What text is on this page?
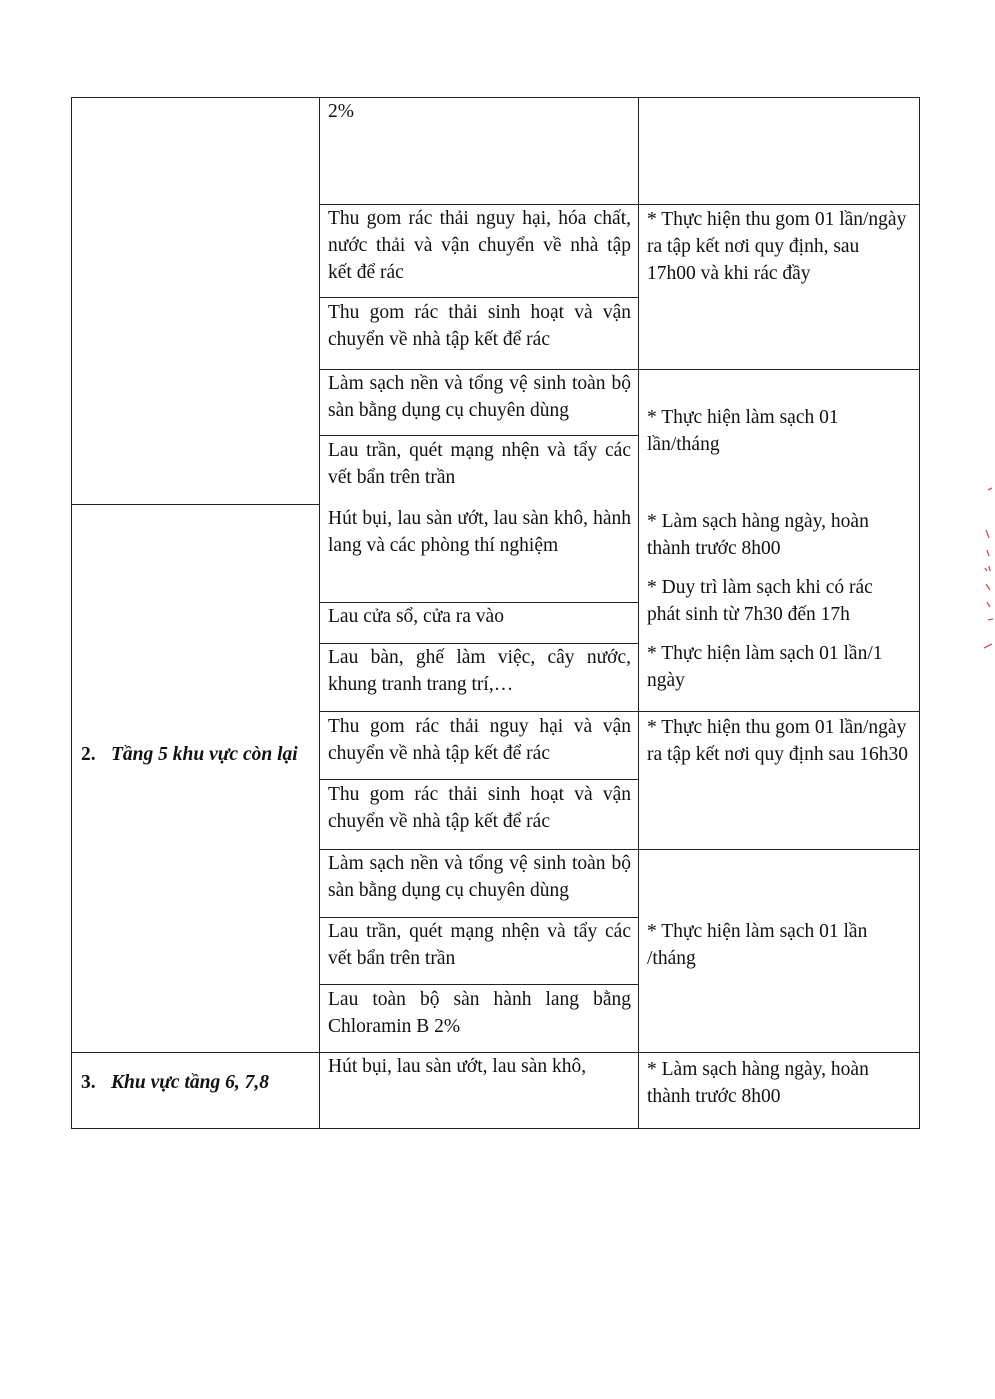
2%
Thu gom rác thải nguy hại, hóa chất, nước thải và vận chuyển về nhà tập kết để rác
Thu gom rác thải sinh hoạt và vận chuyển về nhà tập kết để rác

* Thực hiện thu gom 01 lần/ngày ra tập kết nơi quy định, sau 17h00 và khi rác đầy

Làm sạch nền và tổng vệ sinh toàn bộ sàn bằng dụng cụ chuyên dùng
Lau trần, quét mạng nhện và tẩy các vết bẩn trên trần

* Thực hiện làm sạch 01 lần/tháng

2. Tầng 5 khu vực còn lại
Hút bụi, lau sàn ướt, lau sàn khô, hành lang và các phòng thí nghiệm
Lau cửa sổ, cửa ra vào
Lau bàn, ghế làm việc, cây nước, khung tranh trang trí,…
Thu gom rác thải nguy hại và vận chuyển về nhà tập kết để rác
Thu gom rác thải sinh hoạt và vận chuyển về nhà tập kết để rác
Làm sạch nền và tổng vệ sinh toàn bộ sàn bằng dụng cụ chuyên dùng
Lau trần, quét mạng nhện và tẩy các vết bẩn trên trần
Lau toàn bộ sàn hành lang bằng Chloramin B 2%

* Làm sạch hàng ngày, hoàn thành trước 8h00

* Duy trì làm sạch khi có rác phát sinh từ 7h30 đến 17h

* Thực hiện làm sạch 01 lần/1 ngày

* Thực hiện thu gom 01 lần/ngày ra tập kết nơi quy định sau 16h30

* Thực hiện làm sạch 01 lần /tháng

3. Khu vực tầng 6, 7,8
Hút bụi, lau sàn ướt, lau sàn khô,	* Làm sạch hàng ngày, hoàn thành trước 8h00
